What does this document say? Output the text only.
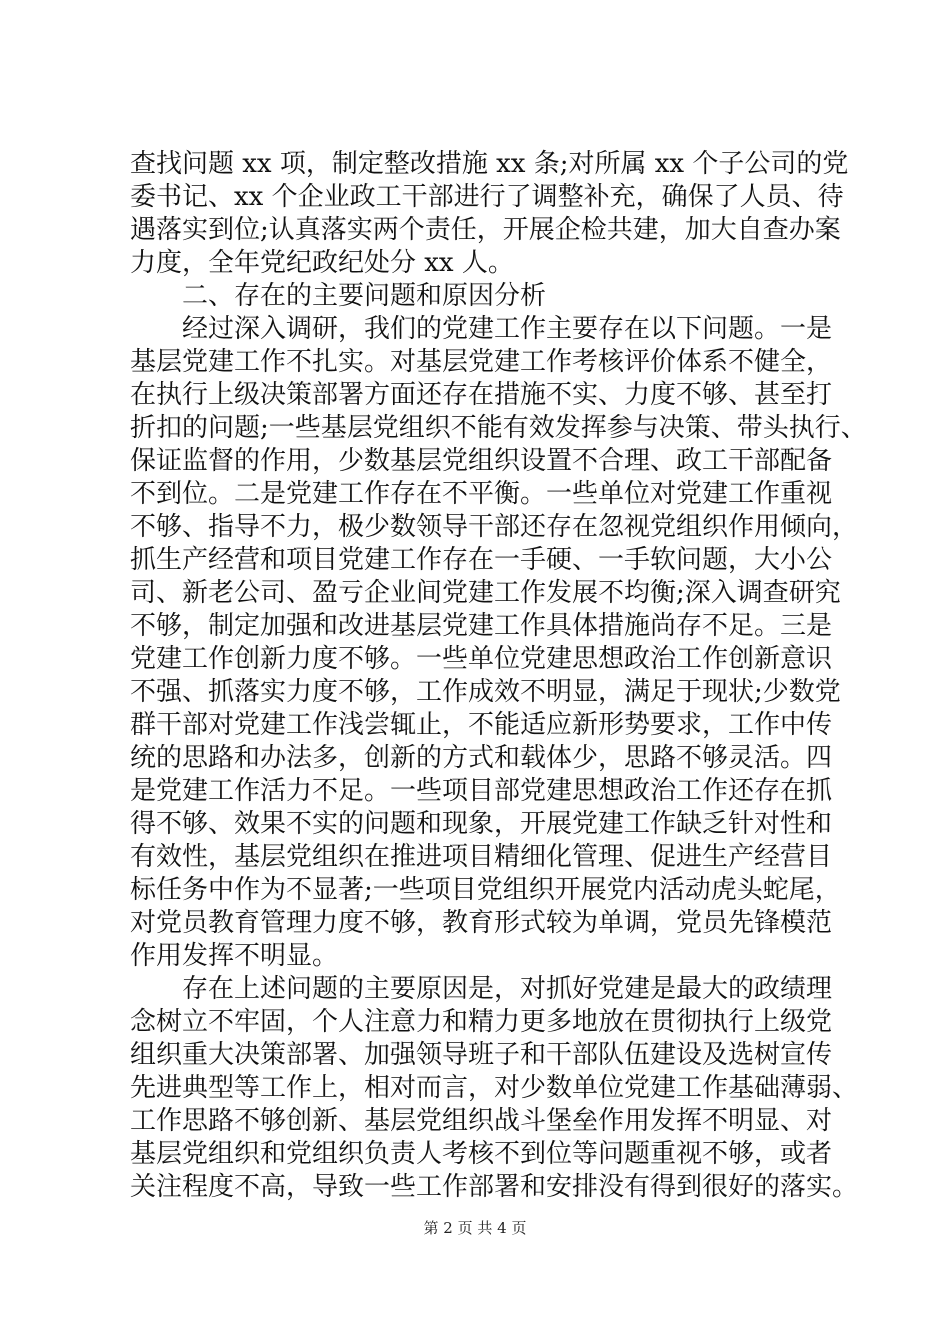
查找问题 xx 项，制定整改措施 xx 条;对所属 xx 个子公司的党
委书记、xx 个企业政工干部进行了调整补充，确保了人员、待
遇落实到位;认真落实两个责任，开展企检共建，加大自查办案
力度，全年党纪政纪处分 xx 人。
　　二、存在的主要问题和原因分析
　　经过深入调研，我们的党建工作主要存在以下问题。一是
基层党建工作不扎实。对基层党建工作考核评价体系不健全，
在执行上级决策部署方面还存在措施不实、力度不够、甚至打
折扣的问题;一些基层党组织不能有效发挥参与决策、带头执行、
保证监督的作用，少数基层党组织设置不合理、政工干部配备
不到位。二是党建工作存在不平衡。一些单位对党建工作重视
不够、指导不力，极少数领导干部还存在忽视党组织作用倾向，
抓生产经营和项目党建工作存在一手硬、一手软问题，大小公
司、新老公司、盈亏企业间党建工作发展不均衡;深入调查研究
不够，制定加强和改进基层党建工作具体措施尚存不足。三是
党建工作创新力度不够。一些单位党建思想政治工作创新意识
不强、抓落实力度不够，工作成效不明显，满足于现状;少数党
群干部对党建工作浅尝辄止，不能适应新形势要求，工作中传
统的思路和办法多，创新的方式和载体少，思路不够灵活。四
是党建工作活力不足。一些项目部党建思想政治工作还存在抓
得不够、效果不实的问题和现象，开展党建工作缺乏针对性和
有效性，基层党组织在推进项目精细化管理、促进生产经营目
标任务中作为不显著;一些项目党组织开展党内活动虎头蛇尾，
对党员教育管理力度不够，教育形式较为单调，党员先锋模范
作用发挥不明显。
　　存在上述问题的主要原因是，对抓好党建是最大的政绩理
念树立不牢固，个人注意力和精力更多地放在贯彻执行上级党
组织重大决策部署、加强领导班子和干部队伍建设及选树宣传
先进典型等工作上，相对而言，对少数单位党建工作基础薄弱、
工作思路不够创新、基层党组织战斗堡垒作用发挥不明显、对
基层党组织和党组织负责人考核不到位等问题重视不够，或者
关注程度不高，导致一些工作部署和安排没有得到很好的落实。
第 2 页 共 4 页
